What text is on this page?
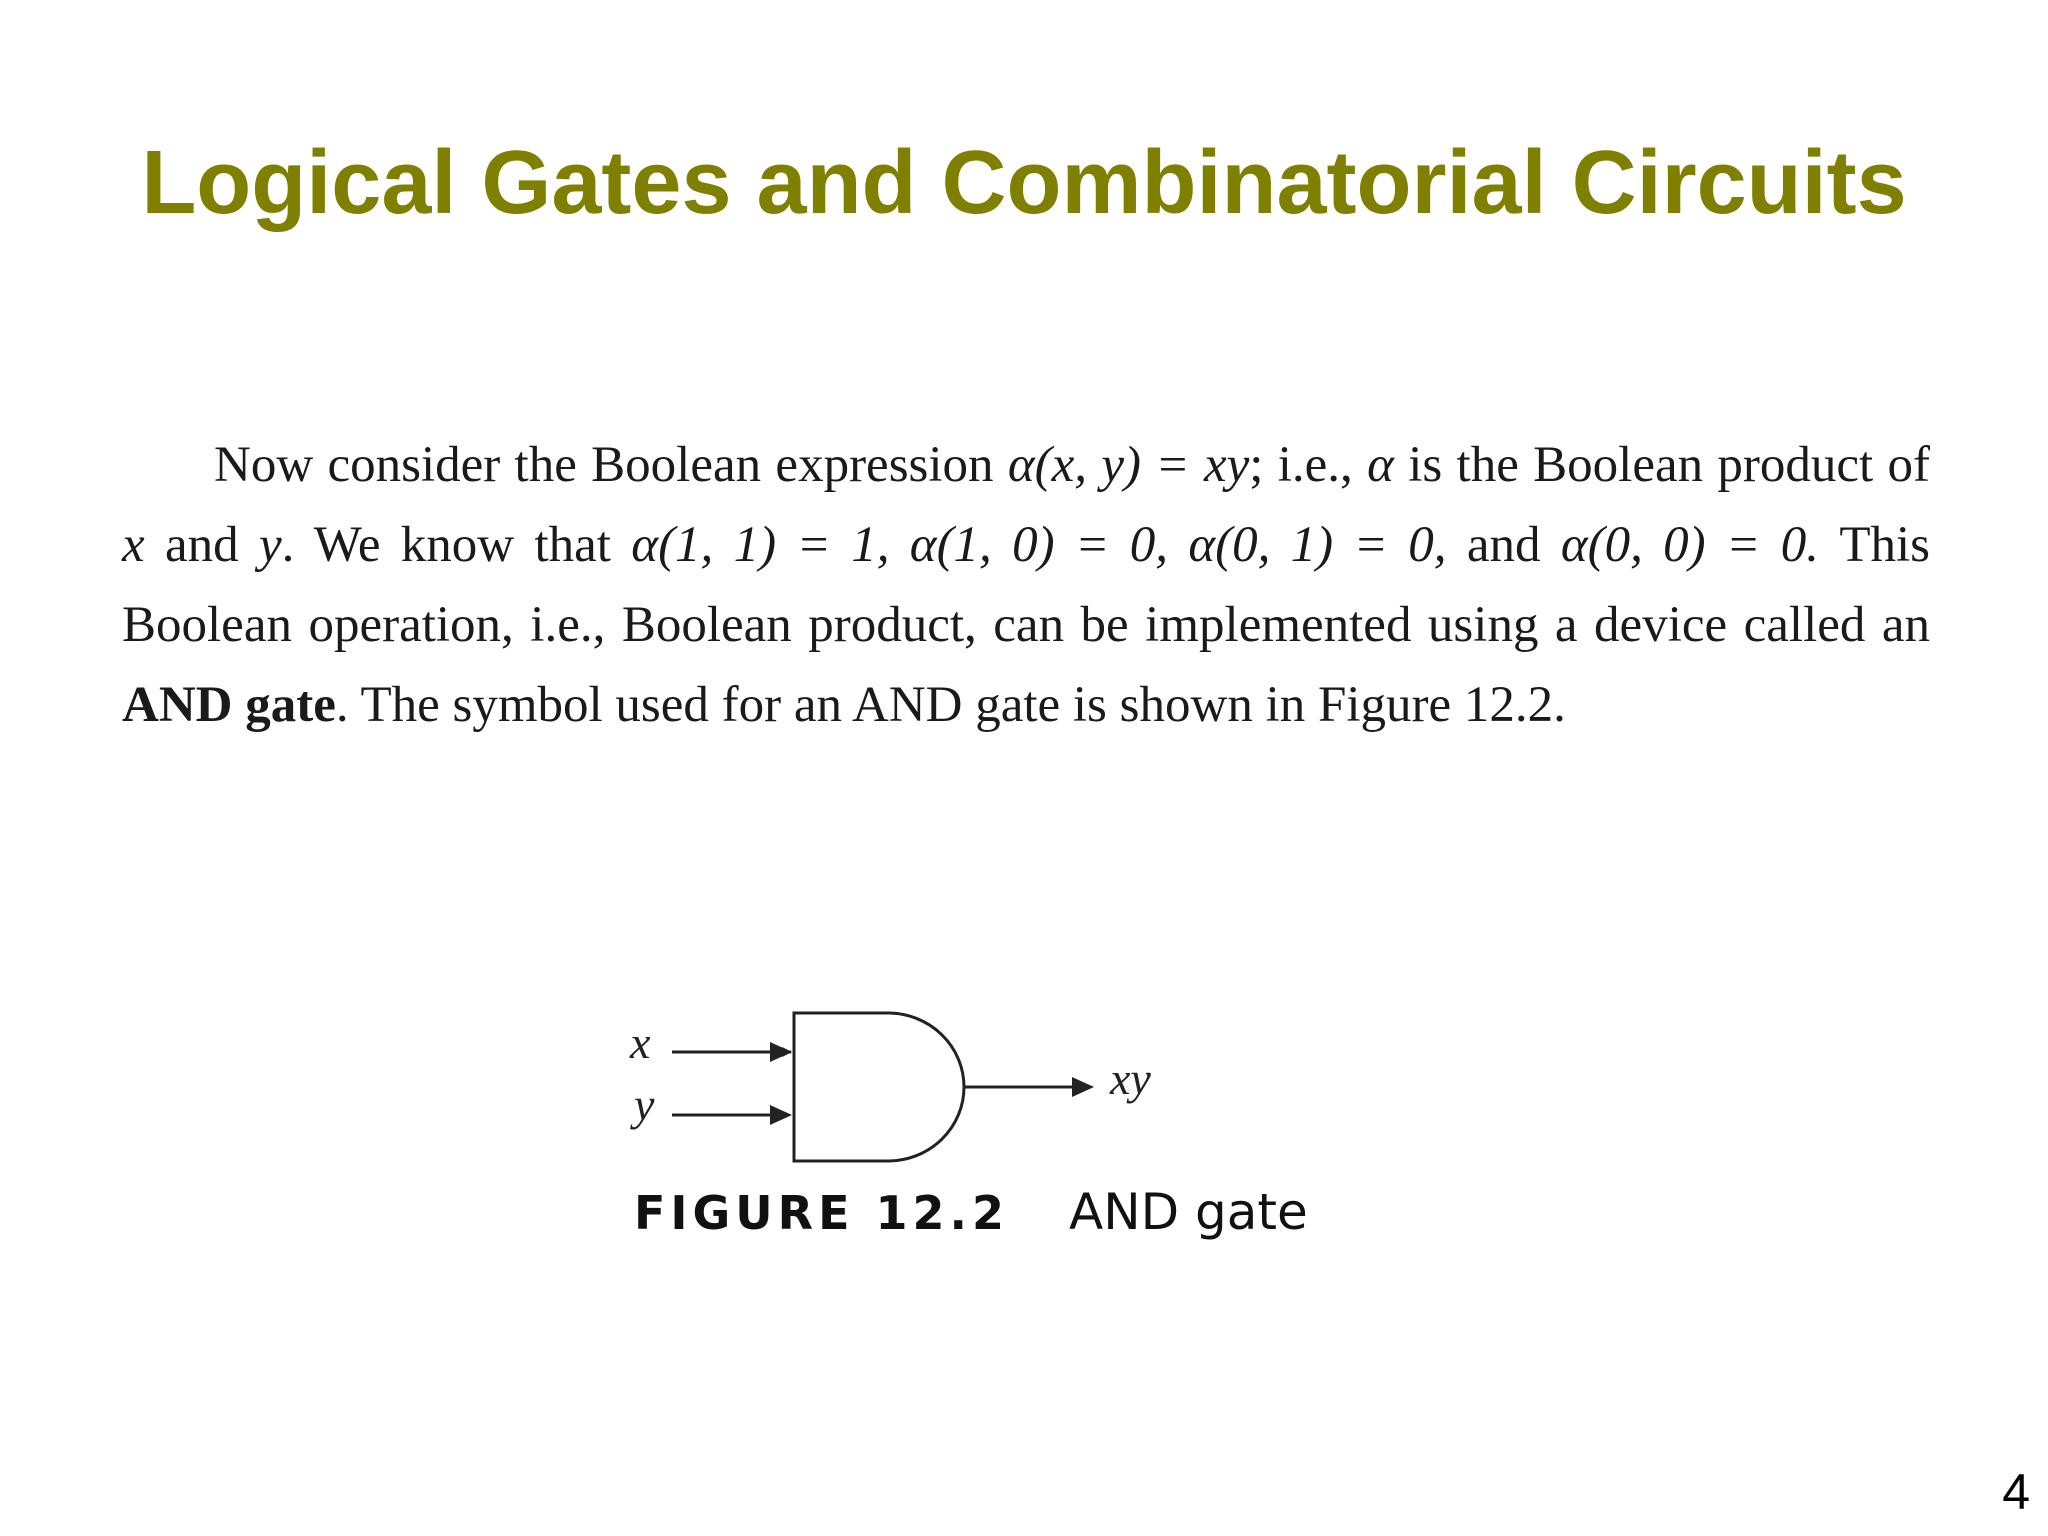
Logical Gates and Combinatorial Circuits

Now consider the Boolean expression α(x, y) = xy; i.e., α is the Boolean product of x and y. We know that α(1, 1) = 1, α(1, 0) = 0, α(0, 1) = 0, and α(0, 0) = 0. This Boolean operation, i.e., Boolean product, can be implemented using a device called an AND gate. The symbol used for an AND gate is shown in Figure 12.2.

x
y
xy
FIGURE 12.2 AND gate
4
